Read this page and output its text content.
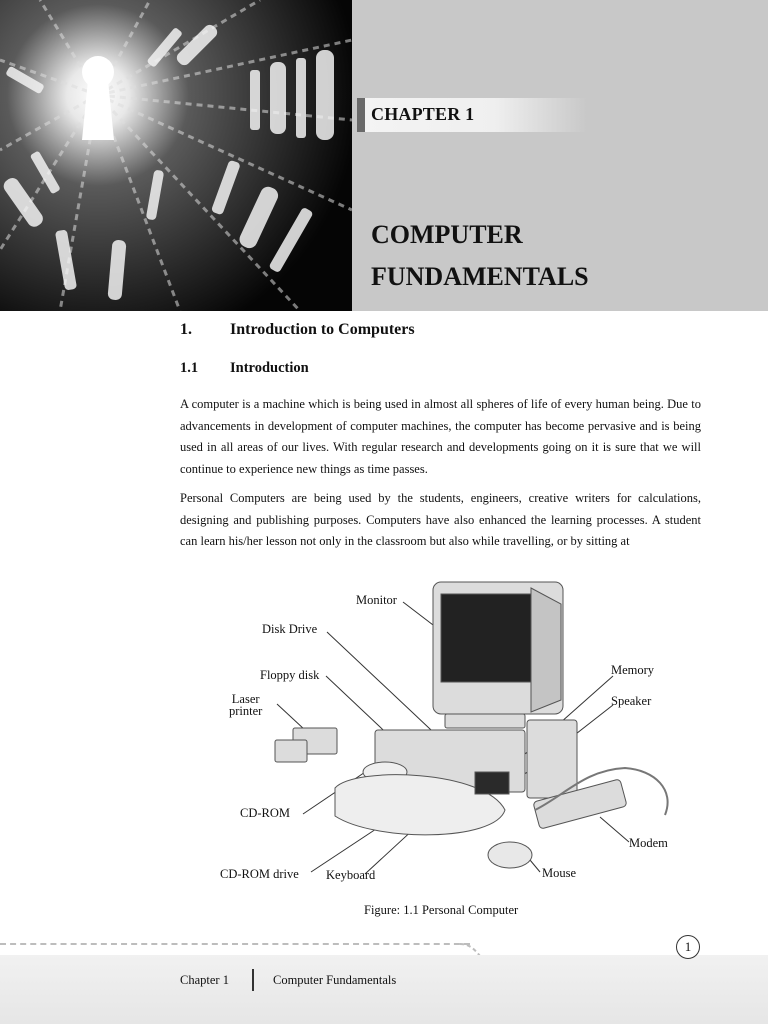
CHAPTER 1
COMPUTER
FUNDAMENTALS
1. Introduction to Computers
1.1 Introduction

A computer is a machine which is being used in almost all spheres of life of every human being. Due to advancements in development of computer machines, the computer has become pervasive and is being used in all areas of our lives. With regular research and developments going on it is sure that we will continue to experience new things as time passes.

Personal Computers are being used by the students, engineers, creative writers for calculations, designing and publishing purposes. Computers have also enhanced the learning processes. A student can learn his/her lesson not only in the classroom but also while travelling, or by sitting at

Monitor
Disk Drive
Floppy disk
Laser
printer
CD-ROM
CD-ROM drive Keyboard
Memory
Speaker
Modem
Mouse
Figure: 1.1 Personal Computer
1
Chapter 1	Computer Fundamentals
